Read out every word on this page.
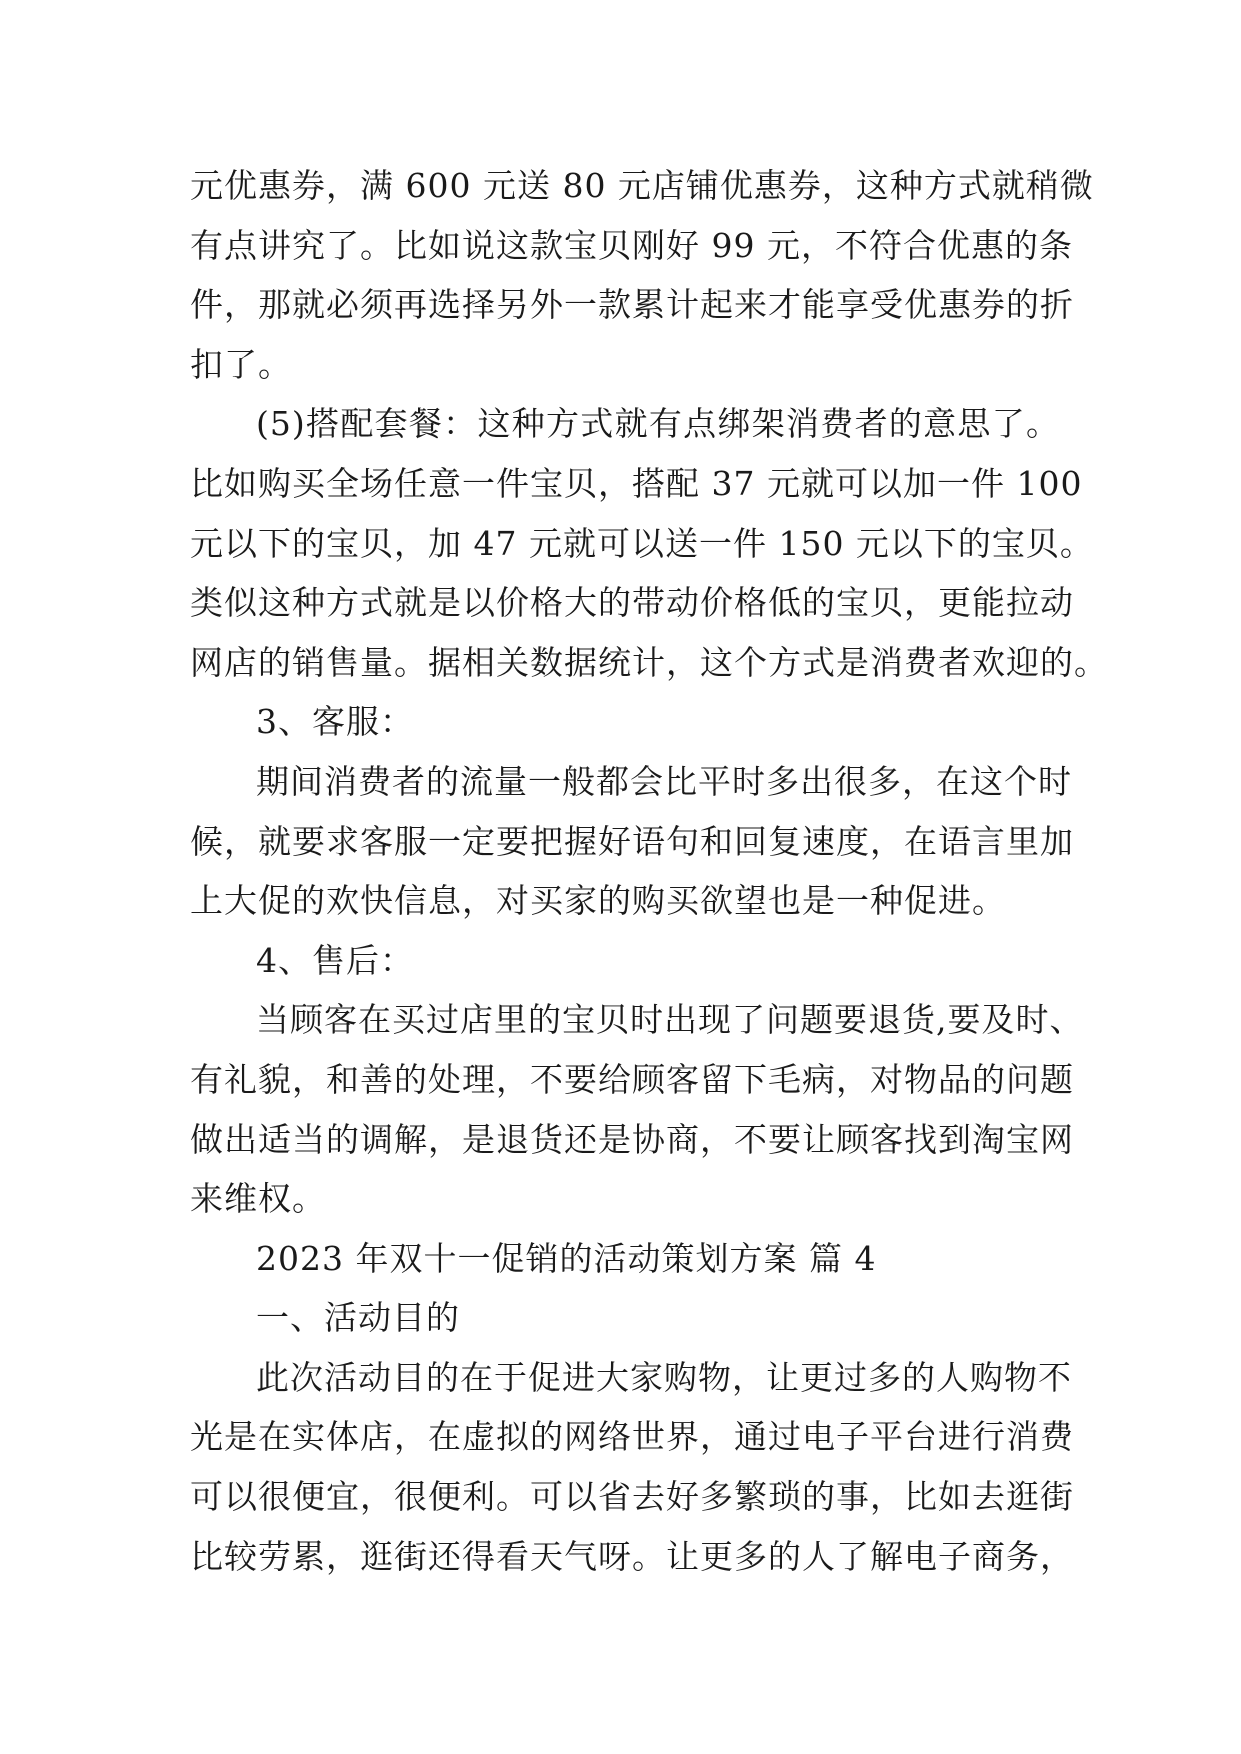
元优惠券，满 600 元送 80 元店铺优惠券，这种方式就稍微
有点讲究了。比如说这款宝贝刚好 99 元，不符合优惠的条
件，那就必须再选择另外一款累计起来才能享受优惠券的折
扣了。
(5)搭配套餐：这种方式就有点绑架消费者的意思了。
比如购买全场任意一件宝贝，搭配 37 元就可以加一件 100
元以下的宝贝，加 47 元就可以送一件 150 元以下的宝贝。
类似这种方式就是以价格大的带动价格低的宝贝，更能拉动
网店的销售量。据相关数据统计，这个方式是消费者欢迎的。
3、客服：
期间消费者的流量一般都会比平时多出很多，在这个时
候，就要求客服一定要把握好语句和回复速度，在语言里加
上大促的欢快信息，对买家的购买欲望也是一种促进。
4、售后：
当顾客在买过店里的宝贝时出现了问题要退货,要及时、
有礼貌，和善的处理，不要给顾客留下毛病，对物品的问题
做出适当的调解，是退货还是协商，不要让顾客找到淘宝网
来维权。
2023 年双十一促销的活动策划方案 篇 4
一、活动目的
此次活动目的在于促进大家购物，让更过多的人购物不
光是在实体店，在虚拟的网络世界，通过电子平台进行消费
可以很便宜，很便利。可以省去好多繁琐的事，比如去逛街
比较劳累，逛街还得看天气呀。让更多的人了解电子商务，
